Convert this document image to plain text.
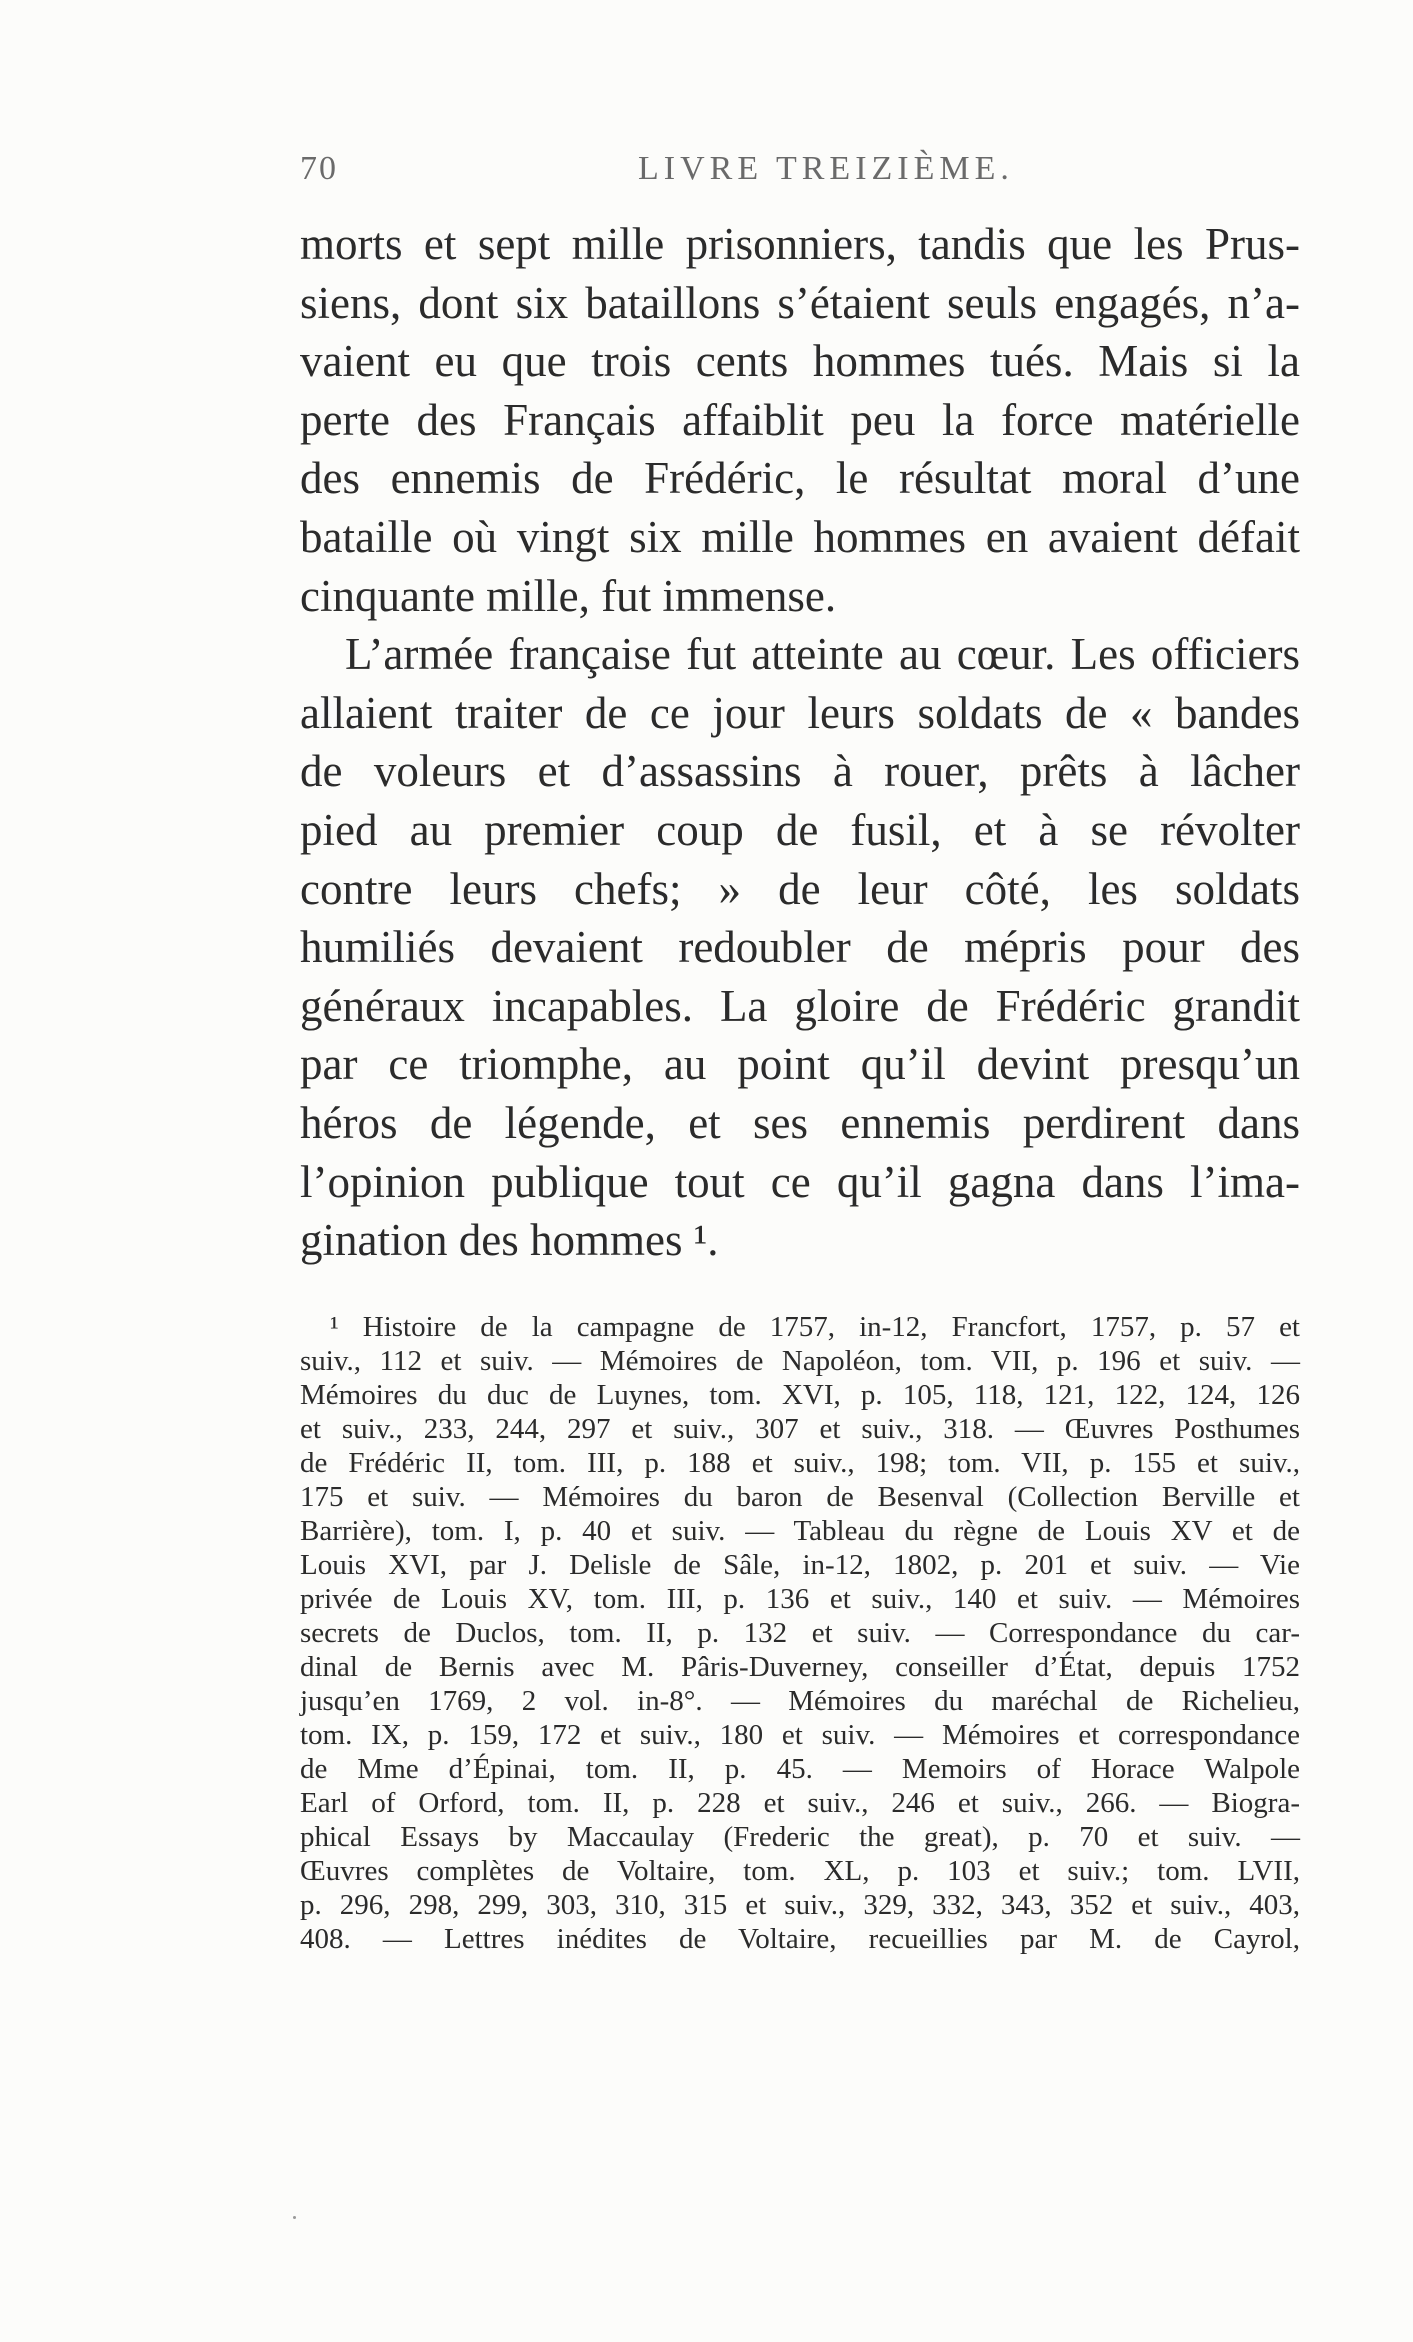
70	LIVRE TREIZIÈME.
morts et sept mille prisonniers, tandis que les Prus-
siens, dont six bataillons s’étaient seuls engagés, n’a-
vaient eu que trois cents hommes tués. Mais si la
perte des Français affaiblit peu la force matérielle
des ennemis de Frédéric, le résultat moral d’une
bataille où vingt six mille hommes en avaient défait
cinquante mille, fut immense.
L’armée française fut atteinte au cœur. Les officiers
allaient traiter de ce jour leurs soldats de « bandes
de voleurs et d’assassins à rouer, prêts à lâcher
pied au premier coup de fusil, et à se révolter
contre leurs chefs; » de leur côté, les soldats
humiliés devaient redoubler de mépris pour des
généraux incapables. La gloire de Frédéric grandit
par ce triomphe, au point qu’il devint presqu’un
héros de légende, et ses ennemis perdirent dans
l’opinion publique tout ce qu’il gagna dans l’ima-
gination des hommes ¹.
¹ Histoire de la campagne de 1757, in-12, Francfort, 1757, p. 57 et
suiv., 112 et suiv. — Mémoires de Napoléon, tom. VII, p. 196 et suiv. —
Mémoires du duc de Luynes, tom. XVI, p. 105, 118, 121, 122, 124, 126
et suiv., 233, 244, 297 et suiv., 307 et suiv., 318. — Œuvres Posthumes
de Frédéric II, tom. III, p. 188 et suiv., 198; tom. VII, p. 155 et suiv.,
175 et suiv. — Mémoires du baron de Besenval (Collection Berville et
Barrière), tom. I, p. 40 et suiv. — Tableau du règne de Louis XV et de
Louis XVI, par J. Delisle de Sâle, in-12, 1802, p. 201 et suiv. — Vie
privée de Louis XV, tom. III, p. 136 et suiv., 140 et suiv. — Mémoires
secrets de Duclos, tom. II, p. 132 et suiv. — Correspondance du car-
dinal de Bernis avec M. Pâris-Duverney, conseiller d’État, depuis 1752
jusqu’en 1769, 2 vol. in-8°. — Mémoires du maréchal de Richelieu,
tom. IX, p. 159, 172 et suiv., 180 et suiv. — Mémoires et correspondance
de Mme d’Épinai, tom. II, p. 45. — Memoirs of Horace Walpole
Earl of Orford, tom. II, p. 228 et suiv., 246 et suiv., 266. — Biogra-
phical Essays by Maccaulay (Frederic the great), p. 70 et suiv. —
Œuvres complètes de Voltaire, tom. XL, p. 103 et suiv.; tom. LVII,
p. 296, 298, 299, 303, 310, 315 et suiv., 329, 332, 343, 352 et suiv., 403,
408. — Lettres inédites de Voltaire, recueillies par M. de Cayrol,
